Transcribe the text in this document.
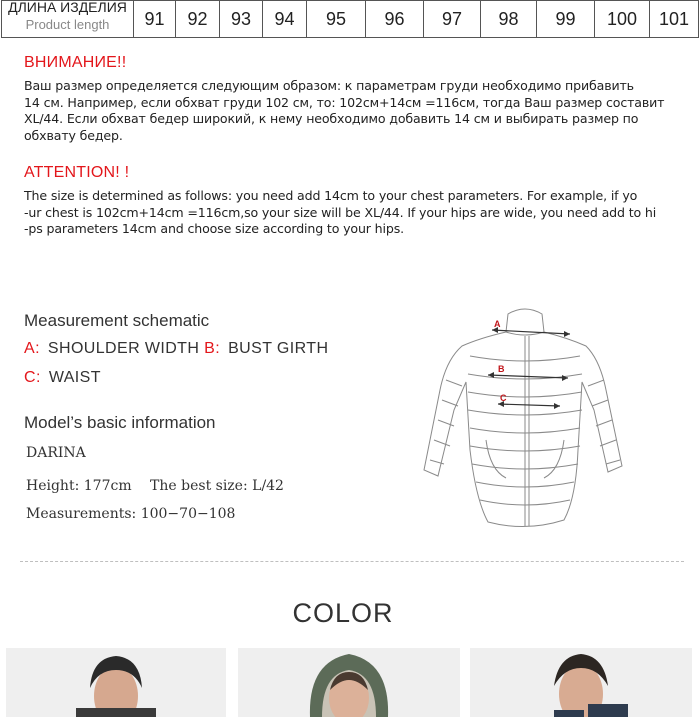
ДЛИНА ИЗДЕЛИЯ
Product length	91	92	93	94	95	96	97	98	99	100	101
ВНИМАНИЕ!!
Ваш размер определяется следующим образом: к параметрам груди необходимо прибавить
14 см. Например, если обхват груди 102 см, то: 102см+14см =116см, тогда Ваш размер составит
XL/44. Если обхват бедер широкий, к нему необходимо добавить 14 см и выбирать размер по
обхвату бедер.
ATTENTION! !
The size is determined as follows: you need add 14cm to your chest parameters. For example, if yo
-ur chest is 102cm+14cm =116cm,so your size will be XL/44. If your hips are wide, you need add to hi
-ps parameters 14cm and choose size according to your hips.
Measurement schematic
A: SHOULDER WIDTH B: BUST GIRTH
C: WAIST
Model’s basic information
DARINA
Height: 177cm The best size: L/42
Measurements: 100−70−108
A
B
C
COLOR
